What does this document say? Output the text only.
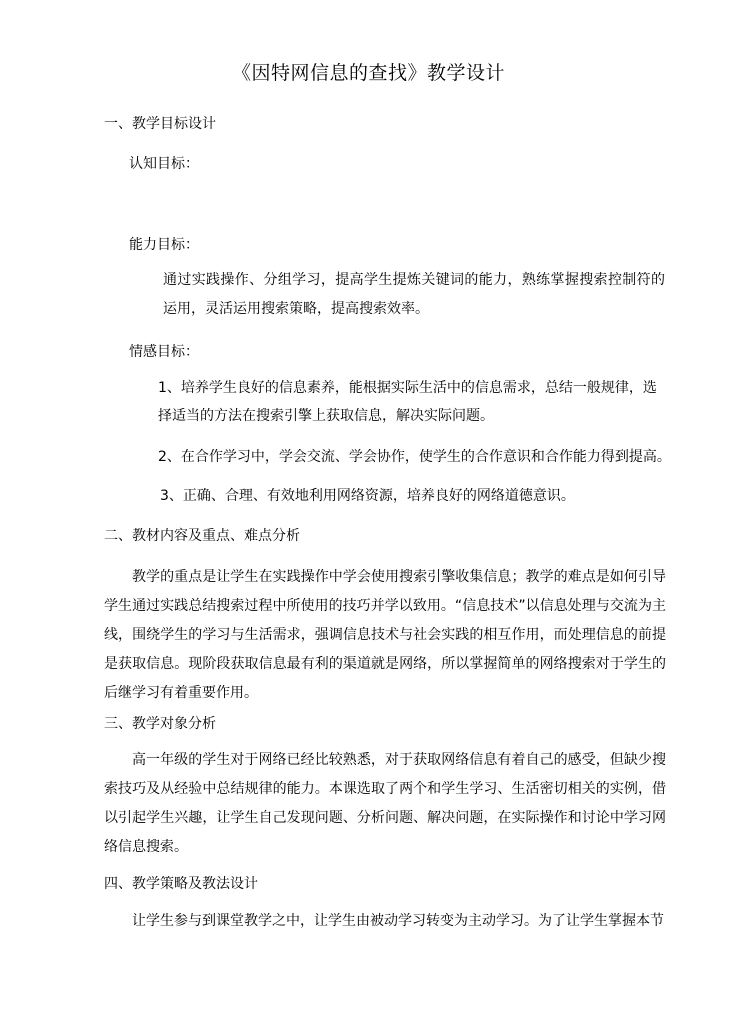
《因特网信息的查找》教学设计
一、教学目标设计
认知目标：
能力目标：
通过实践操作、分组学习，提高学生提炼关键词的能力，熟练掌握搜索控制符的运用，灵活运用搜索策略，提高搜索效率。
情感目标：
1、培养学生良好的信息素养，能根据实际生活中的信息需求，总结一般规律，选择适当的方法在搜索引擎上获取信息，解决实际问题。
2、在合作学习中，学会交流、学会协作，使学生的合作意识和合作能力得到提高。
3、正确、合理、有效地利用网络资源，培养良好的网络道德意识。
二、教材内容及重点、难点分析
教学的重点是让学生在实践操作中学会使用搜索引擎收集信息；教学的难点是如何引导学生通过实践总结搜索过程中所使用的技巧并学以致用。“信息技术”以信息处理与交流为主线，围绕学生的学习与生活需求，强调信息技术与社会实践的相互作用，而处理信息的前提是获取信息。现阶段获取信息最有利的渠道就是网络，所以掌握简单的网络搜索对于学生的后继学习有着重要作用。
三、教学对象分析
高一年级的学生对于网络已经比较熟悉，对于获取网络信息有着自己的感受，但缺少搜索技巧及从经验中总结规律的能力。本课选取了两个和学生学习、生活密切相关的实例，借以引起学生兴趣，让学生自己发现问题、分析问题、解决问题，在实际操作和讨论中学习网络信息搜索。
四、教学策略及教法设计
让学生参与到课堂教学之中，让学生由被动学习转变为主动学习。为了让学生掌握本节
